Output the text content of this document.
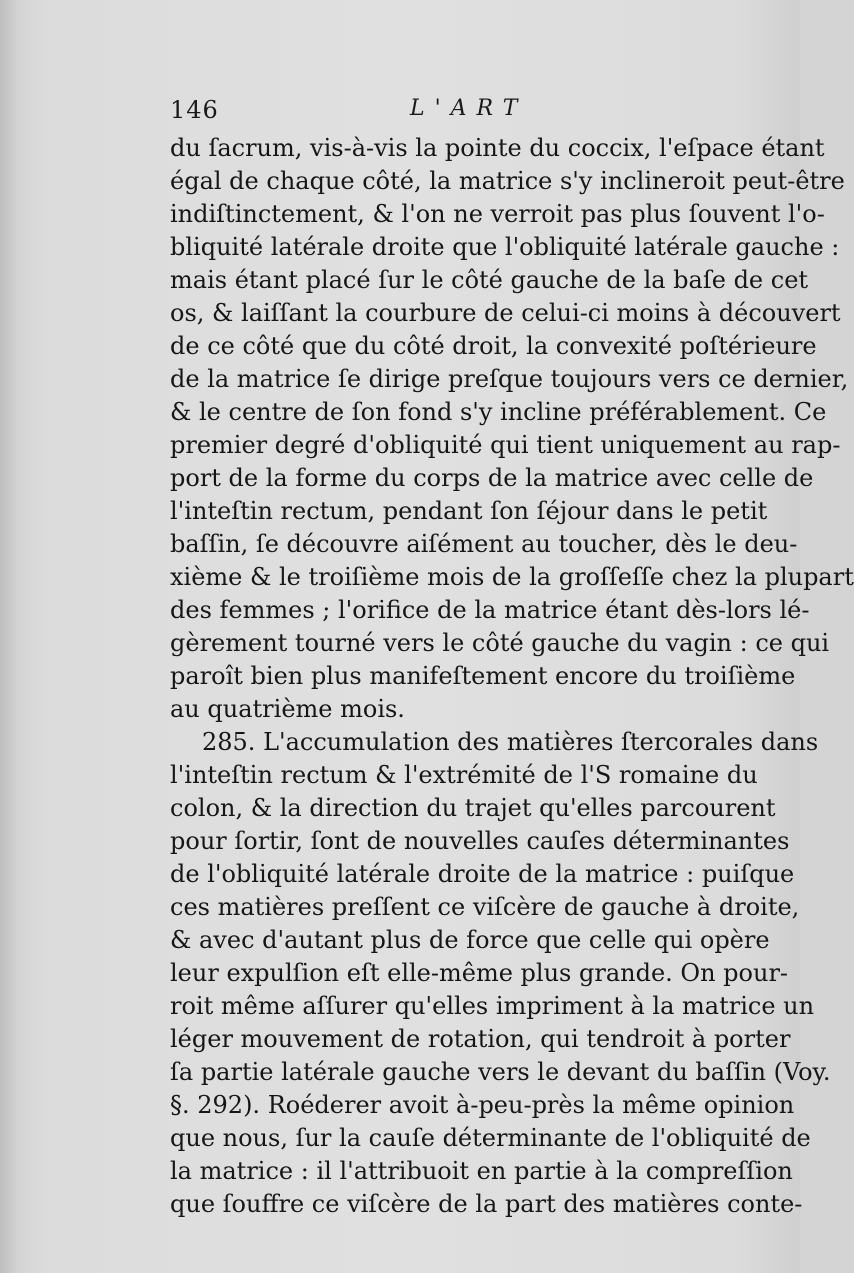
146	L'ART
du ſacrum, vis-à-vis la pointe du coccix, l'eſpace étant
égal de chaque côté, la matrice s'y inclineroit peut-être
indiſtinctement, & l'on ne verroit pas plus ſouvent l'o-
bliquité latérale droite que l'obliquité latérale gauche :
mais étant placé ſur le côté gauche de la baſe de cet
os, & laiſſant la courbure de celui-ci moins à découvert
de ce côté que du côté droit, la convexité poſtérieure
de la matrice ſe dirige preſque toujours vers ce dernier,
& le centre de ſon fond s'y incline préférablement. Ce
premier degré d'obliquité qui tient uniquement au rap-
port de la forme du corps de la matrice avec celle de
l'inteſtin rectum, pendant ſon ſéjour dans le petit
baſſin, ſe découvre aiſément au toucher, dès le deu-
xième & le troiſième mois de la groſſeſſe chez la plupart
des femmes ; l'orifice de la matrice étant dès-lors lé-
gèrement tourné vers le côté gauche du vagin : ce qui
paroît bien plus manifeſtement encore du troiſième
au quatrième mois.
285. L'accumulation des matières ſtercorales dans
l'inteſtin rectum & l'extrémité de l'S romaine du
colon, & la direction du trajet qu'elles parcourent
pour ſortir, ſont de nouvelles cauſes déterminantes
de l'obliquité latérale droite de la matrice : puiſque
ces matières preſſent ce viſcère de gauche à droite,
& avec d'autant plus de force que celle qui opère
leur expulſion eſt elle-même plus grande. On pour-
roit même aſſurer qu'elles impriment à la matrice un
léger mouvement de rotation, qui tendroit à porter
ſa partie latérale gauche vers le devant du baſſin (Voy.
§. 292). Roéderer avoit à-peu-près la même opinion
que nous, ſur la cauſe déterminante de l'obliquité de
la matrice : il l'attribuoit en partie à la compreſſion
que ſouffre ce viſcère de la part des matières conte-
